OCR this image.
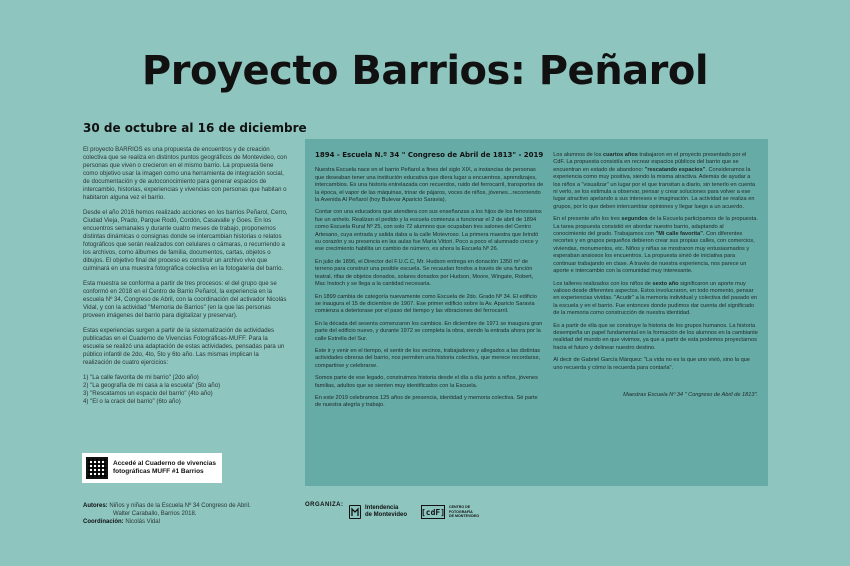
Proyecto Barrios: Peñarol
30 de octubre al 16 de diciembre

El proyecto BARRIOS es una propuesta de encuentros y de creación colectiva que se realiza en distintos puntos geográficos de Montevideo, con personas que viven o crecieron en el mismo barrio. La propuesta tiene como objetivo usar la imagen como una herramienta de integración social, de documentación y de autoconocimiento para generar espacios de intercambio, historias, experiencias y vivencias con personas que habitan o habitaron alguna vez el barrio.

Desde el año 2016 hemos realizado acciones en los barrios Peñarol, Cerro, Ciudad Vieja, Prado, Parque Rodó, Cordón, Casavalle y Goes. En los encuentros semanales y durante cuatro meses de trabajo, proponemos distintas dinámicas o consignas donde se intercambian historias o relatos fotográficos que serán realizados con celulares o cámaras, o recurriendo a los archivos, como álbumes de familia, documentos, cartas, objetos o dibujos. El objetivo final del proceso es construir un archivo vivo que culminará en una muestra fotográfica colectiva en la fotogalería del barrio.

Esta muestra se conforma a partir de tres procesos: el del grupo que se conformó en 2018 en el Centro de Barrio Peñarol, la experiencia en la escuela Nº 34, Congreso de Abril, con la coordinación del activador Nicolás Vidal, y con la actividad "Memoria de Barrios" (en la que las personas proveen imágenes del barrio para digitalizar y preservar).

Estas experiencias surgen a partir de la sistematización de actividades publicadas en el Cuaderno de Vivencias Fotográficas-MUFF. Para la escuela se realizó una adaptación de estas actividades, pensadas para un público infantil de 2do, 4to, 5to y 6to año. Las mismas implican la realización de cuatro ejercicios:

1) "La calle favorita de mi barrio" (2do año)
2) "La geografía de mi casa a la escuela" (5to año)
3) "Rescatamos un espacio del barrio" (4to año)
4) "El o la crack del barrio" (6to año)
Accedé al Cuaderno de vivencias
fotográficas MUFF #1 Barrios
1894 - Escuela N.º 34 " Congreso de Abril de 1813" - 2019

Nuestra Escuela nace en el barrio Peñarol a fines del siglo XIX, a instancias de personas que deseaban tener una institución educativa que diera lugar a encuentros, aprendizajes, intercambios. Es una historia entrelazada con recuerdos, ruido del ferrocarril, transportes de la época, el vapor de las máquinas, trinar de pájaros, voces de niños, jóvenes...recorriendo la Avenida Al Peñarol (hoy Bulevar Aparicio Saravia).

Contar con una educadora que atendiera con sus enseñanzas a los hijos de los ferroviarios fue un anhelo. Realizan el pedido y la escuela comienza a funcionar el 2 de abril de 1894 como Escuela Rural Nº 25, con solo 72 alumnos que ocupaban tres salones del Centro Artesano, cuya entrada y salida daba a la calle Motevroso. La primera maestra que brindó su corazón y su presencia en las aulas fue María Vittori. Poco a poco el alumnado crece y ese crecimiento habilita un cambio de número, es ahora la Escuela Nº 26.

En julio de 1896, el Director del F.U.C.C, Mr. Hudson entrega en donación 1350 m² de terreno para construir una posible escuela. Se recaudan fondos a través de una función teatral, rifas de objetos donados, solares donados por Hudson, Moore, Wingate, Robert, Mac Instoch y se llega a la cantidad necesaria.

En 1899 cambia de categoría nuevamente como Escuela de 2do. Grado Nº 34. El edificio se inaugura el 15 de diciembre de 1907. Ese primer edificio sobre la Av. Aparicio Saravia comienza a deteriorase por el paso del tiempo y las vibraciones del ferrocarril.

En la década del sesenta comenzaron los cambios. En diciembre de 1971 se inaugura gran parte del edificio nuevo, y durante 1972 se completa la obra, siendo la entrada ahora por la calle Estrella del Sur.

Este ir y venir en el tiempo, el sentir de los vecinos, trabajadores y allegados a las distintas actividades obreras del barrio, nos permiten una historia colectiva, que merece recordarse, compartirse y celebrarse.

Somos parte de ese legado, construimos historia desde el día a día junto a niños, jóvenes familias, adultos que se sienten muy identificados con la Escuela.

En este 2019 celebramos 125 años de presencia, identidad y memoria colectiva. Sé parte de nuestra alegría y trabajo.

Los alumnos de los cuartos años trabajaron en el proyecto presentado por el CdF. La propuesta consistía en recrear espacios públicos del barrio que se encuentran en estado de abandono: "rescatando espacios". Consideramos la experiencia como muy positiva, siendo la misma atractiva. Además de ayudar a los niños a "visualizar" un lugar por el que transitan a diario, sin tenerlo en cuenta ni verlo, se los estimula a observar, pensar y crear soluciones para volver a ese lugar atractivo apelando a sus intereses e imaginación. La actividad se realiza en grupos, por lo que deben intercambiar opiniones y llegar luego a un acuerdo.

En el presente año los tres segundos de la Escuela participamos de la propuesta. La tarea propuesta consistió en abordar nuestro barrio, adaptando al conocimiento del grado. Trabajamos con "Mi calle favorita". Con diferentes recortes y en grupos pequeños debieron crear sus propias calles, con comercios, viviendas, monumentos, etc. Niños y niñas se mostraron muy entusiasmados y esperaban ansiosos los encuentros. La propuesta sirvió de iniciativa para continuar trabajando en clase. A través de nuestra experiencia, nos parece un aporte e intercambio con la comunidad muy interesante.

Los talleres realizados con los niños de sexto año significaron un aporte muy valioso desde diferentes aspectos. Estos involucraron, en todo momento, pensar en experiencias vividas. "Acudir" a la memoria individual y colectiva del pasado en la escuela y en el barrio. Fue entonces donde pudimos dar cuenta del significado de la memoria como construcción de nuestra identidad.

Es a partir de ella que se construye la historia de los grupos humanos. La historia desempeña un papel fundamental en la formación de los alumnos en la cambiante realidad del mundo en que vivimos, ya que a partir de esta podemos proyectarnos hacia el futuro y delinear nuestro destino.

Al decir de Gabriel García Márquez: "La vida no es la que uno vivió, sino la que uno recuerda y cómo la recuerda para contarla".

Maestras Escuela Nº 34 " Congreso de Abril de 1813".
Autores: Niños y niñas de la Escuela Nº 34 Congreso de Abril.
Walter Caraballo, Barrios 2018.
Coordinación: Nicolás Vidal
ORGANIZA:	Intendencia
de Montevideo [cdF]
CENTRO DE
FOTOGRAFÍA
DE MONTEVIDEO
